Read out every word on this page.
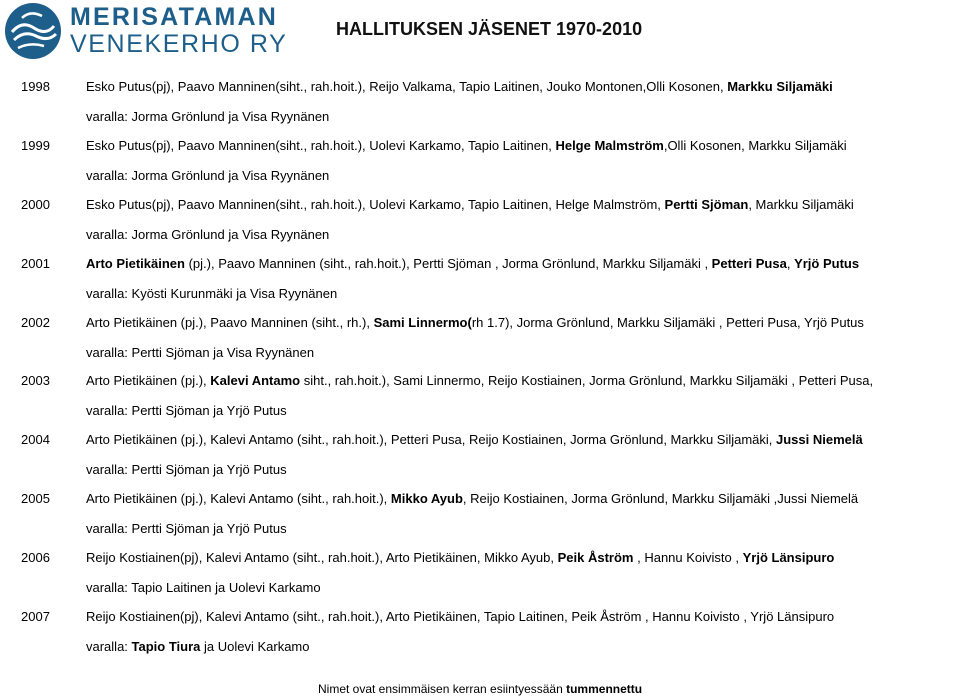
MERISATAMAN
VENEKERHO RY
HALLITUKSEN JÄSENET 1970-2010
1998	Esko Putus(pj), Paavo Manninen(siht., rah.hoit.), Reijo Valkama, Tapio Laitinen, Jouko Montonen,Olli Kosonen, Markku Siljamäki
varalla: Jorma Grönlund ja Visa Ryynänen
1999	Esko Putus(pj), Paavo Manninen(siht., rah.hoit.), Uolevi Karkamo, Tapio Laitinen, Helge Malmström,Olli Kosonen, Markku Siljamäki
varalla: Jorma Grönlund ja Visa Ryynänen
2000	Esko Putus(pj), Paavo Manninen(siht., rah.hoit.), Uolevi Karkamo, Tapio Laitinen, Helge Malmström, Pertti Sjöman, Markku Siljamäki
varalla: Jorma Grönlund ja Visa Ryynänen
2001	Arto Pietikäinen (pj.), Paavo Manninen (siht., rah.hoit.), Pertti Sjöman , Jorma Grönlund, Markku Siljamäki , Petteri Pusa, Yrjö Putus
varalla: Kyösti Kurunmäki ja Visa Ryynänen
2002	Arto Pietikäinen (pj.), Paavo Manninen (siht., rh.), Sami Linnermo(rh 1.7), Jorma Grönlund, Markku Siljamäki , Petteri Pusa, Yrjö Putus
varalla: Pertti Sjöman ja Visa Ryynänen
2003	Arto Pietikäinen (pj.), Kalevi Antamo siht., rah.hoit.), Sami Linnermo, Reijo Kostiainen, Jorma Grönlund, Markku Siljamäki , Petteri Pusa,
varalla: Pertti Sjöman ja Yrjö Putus
2004	Arto Pietikäinen (pj.), Kalevi Antamo (siht., rah.hoit.), Petteri Pusa, Reijo Kostiainen, Jorma Grönlund, Markku Siljamäki, Jussi Niemelä
varalla: Pertti Sjöman ja Yrjö Putus
2005	Arto Pietikäinen (pj.), Kalevi Antamo (siht., rah.hoit.), Mikko Ayub, Reijo Kostiainen, Jorma Grönlund, Markku Siljamäki ,Jussi Niemelä
varalla: Pertti Sjöman ja Yrjö Putus
2006	Reijo Kostiainen(pj), Kalevi Antamo (siht., rah.hoit.), Arto Pietikäinen, Mikko Ayub, Peik Åström , Hannu Koivisto , Yrjö Länsipuro
varalla: Tapio Laitinen ja Uolevi Karkamo
2007	Reijo Kostiainen(pj), Kalevi Antamo (siht., rah.hoit.), Arto Pietikäinen, Tapio Laitinen, Peik Åström , Hannu Koivisto , Yrjö Länsipuro
varalla: Tapio Tiura ja Uolevi Karkamo
Nimet ovat ensimmäisen kerran esiintyessään tummennettu
